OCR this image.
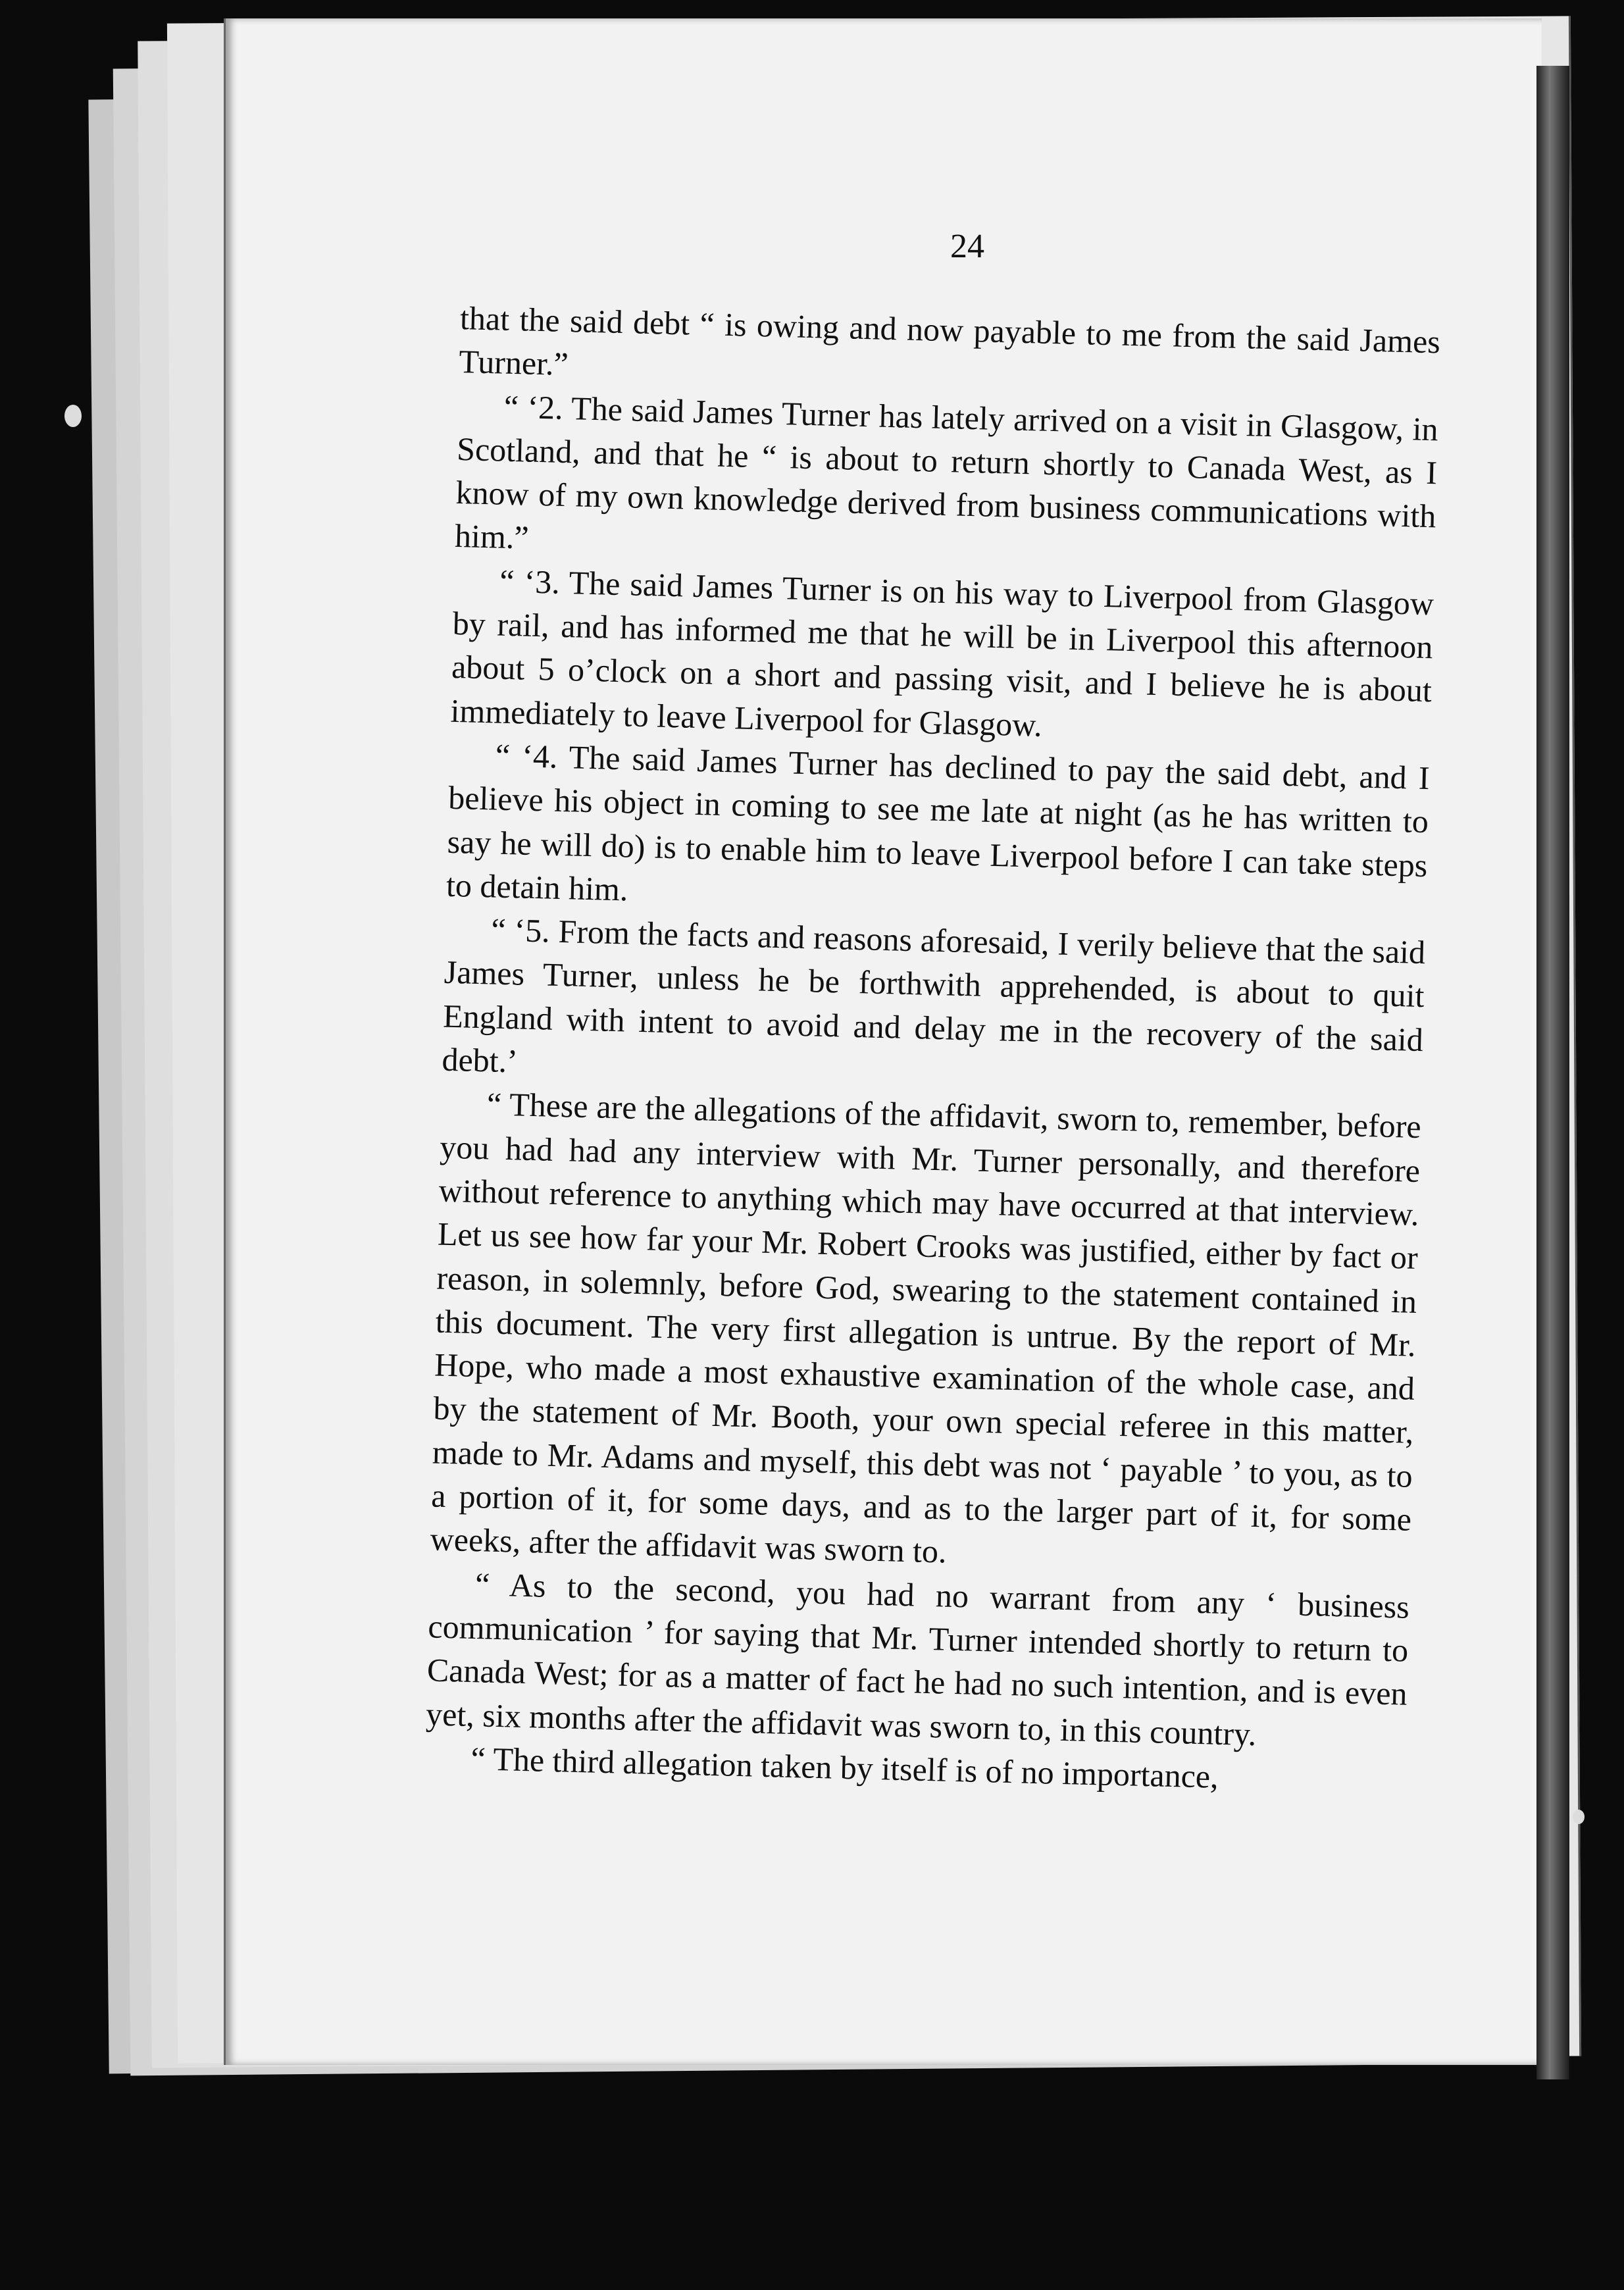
24

that the said debt “ is owing and now payable to me from the said James Turner.”

“ ‘2. The said James Turner has lately arrived on a visit in Glasgow, in Scotland, and that he “ is about to return shortly to Canada West, as I know of my own knowledge derived from business communications with him.”

“ ‘3. The said James Turner is on his way to Liverpool from Glasgow by rail, and has informed me that he will be in Liverpool this afternoon about 5 o’clock on a short and passing visit, and I believe he is about immediately to leave Liverpool for Glasgow.

“ ‘4. The said James Turner has declined to pay the said debt, and I believe his object in coming to see me late at night (as he has written to say he will do) is to enable him to leave Liverpool before I can take steps to detain him.

“ ‘5. From the facts and reasons aforesaid, I verily believe that the said James Turner, unless he be forthwith apprehended, is about to quit England with intent to avoid and delay me in the recovery of the said debt.’

“ These are the allegations of the affidavit, sworn to, remember, before you had had any interview with Mr. Turner personally, and therefore without reference to anything which may have occurred at that interview. Let us see how far your Mr. Robert Crooks was justified, either by fact or reason, in solemnly, before God, swearing to the statement contained in this document. The very first allegation is untrue. By the report of Mr. Hope, who made a most exhaustive examination of the whole case, and by the statement of Mr. Booth, your own special referee in this matter, made to Mr. Adams and myself, this debt was not ‘ payable ’ to you, as to a portion of it, for some days, and as to the larger part of it, for some weeks, after the affidavit was sworn to.

“ As to the second, you had no warrant from any ‘ business communication ’ for saying that Mr. Turner intended shortly to return to Canada West; for as a matter of fact he had no such intention, and is even yet, six months after the affidavit was sworn to, in this country.

“ The third allegation taken by itself is of no importance,
